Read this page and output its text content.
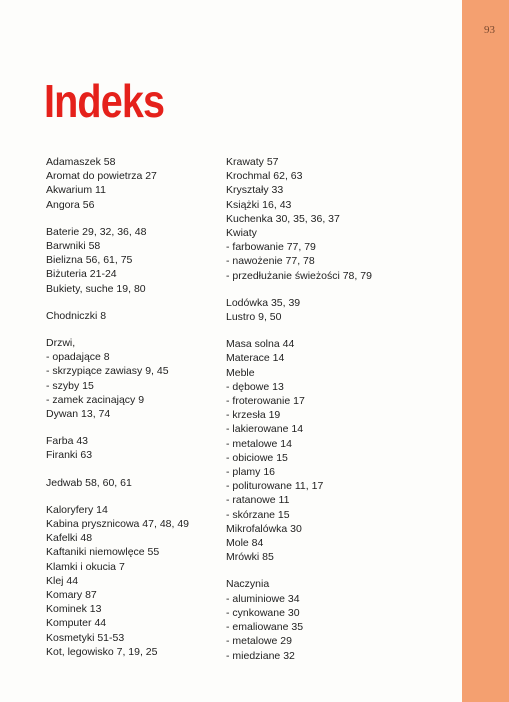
Indeks
Adamaszek 58
Aromat do powietrza 27
Akwarium 11
Angora 56
Baterie 29, 32, 36, 48
Barwniki 58
Bielizna 56, 61, 75
Biżuteria 21-24
Bukiety, suche 19, 80
Chodniczki 8
Drzwi,
- opadające 8
- skrzypiące zawiasy 9, 45
- szyby 15
- zamek zacinający 9
Dywan 13, 74
Farba 43
Firanki 63
Jedwab 58, 60, 61
Kaloryfery 14
Kabina prysznicowa 47, 48, 49
Kafelki 48
Kaftaniki niemowlęce 55
Klamki i okucia 7
Klej 44
Komary 87
Kominek 13
Komputer 44
Kosmetyki 51-53
Kot, legowisko 7, 19, 25
Krawaty 57
Krochmal 62, 63
Kryształy 33
Książki 16, 43
Kuchenka 30, 35, 36, 37
Kwiaty
- farbowanie 77, 79
- nawożenie 77, 78
- przedłużanie świeżości 78, 79
Lodówka 35, 39
Lustro 9, 50
Masa solna 44
Materace 14
Meble
- dębowe 13
- froterowanie 17
- krzesła 19
- lakierowane 14
- metalowe 14
- obiciowe 15
- plamy 16
- politurowane 11, 17
- ratanowe 11
- skórzane 15
Mikrofalówka 30
Mole 84
Mrówki 85
Naczynia
- aluminiowe 34
- cynkowane 30
- emaliowane 35
- metalowe 29
- miedziane 32
93
